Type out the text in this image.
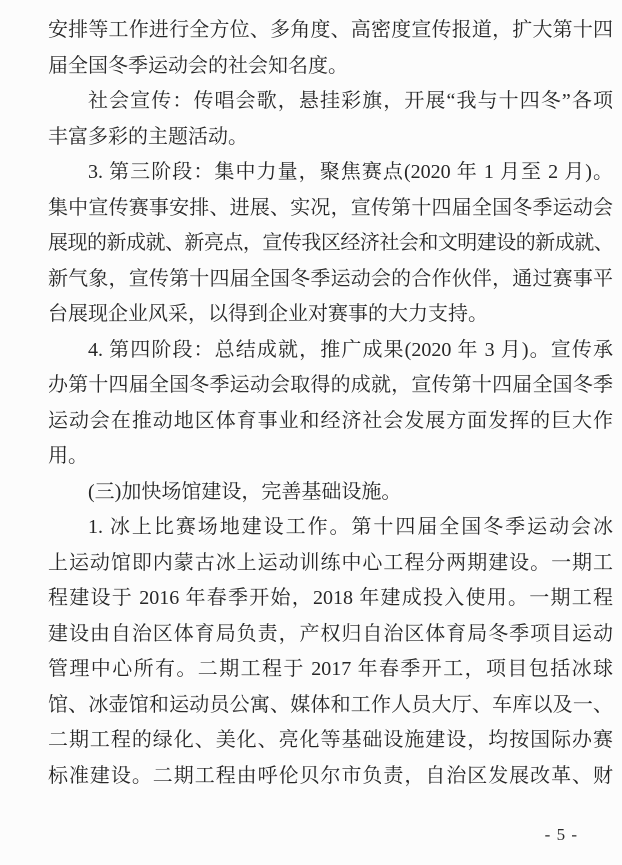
安排等工作进行全方位、多角度、高密度宣传报道，扩大第十四
届全国冬季运动会的社会知名度。
社会宣传：传唱会歌，悬挂彩旗，开展“我与十四冬”各项
丰富多彩的主题活动。
3. 第三阶段：集中力量，聚焦赛点(2020 年 1 月至 2 月)。
集中宣传赛事安排、进展、实况，宣传第十四届全国冬季运动会
展现的新成就、新亮点，宣传我区经济社会和文明建设的新成就、
新气象，宣传第十四届全国冬季运动会的合作伙伴，通过赛事平
台展现企业风采，以得到企业对赛事的大力支持。
4. 第四阶段：总结成就，推广成果(2020 年 3 月)。宣传承
办第十四届全国冬季运动会取得的成就，宣传第十四届全国冬季
运动会在推动地区体育事业和经济社会发展方面发挥的巨大作
用。
(三)加快场馆建设，完善基础设施。
1. 冰上比赛场地建设工作。第十四届全国冬季运动会冰
上运动馆即内蒙古冰上运动训练中心工程分两期建设。一期工
程建设于 2016 年春季开始，2018 年建成投入使用。一期工程
建设由自治区体育局负责，产权归自治区体育局冬季项目运动
管理中心所有。二期工程于 2017 年春季开工，项目包括冰球
馆、冰壶馆和运动员公寓、媒体和工作人员大厅、车库以及一、
二期工程的绿化、美化、亮化等基础设施建设，均按国际办赛
标准建设。二期工程由呼伦贝尔市负责，自治区发展改革、财
- 5 -
